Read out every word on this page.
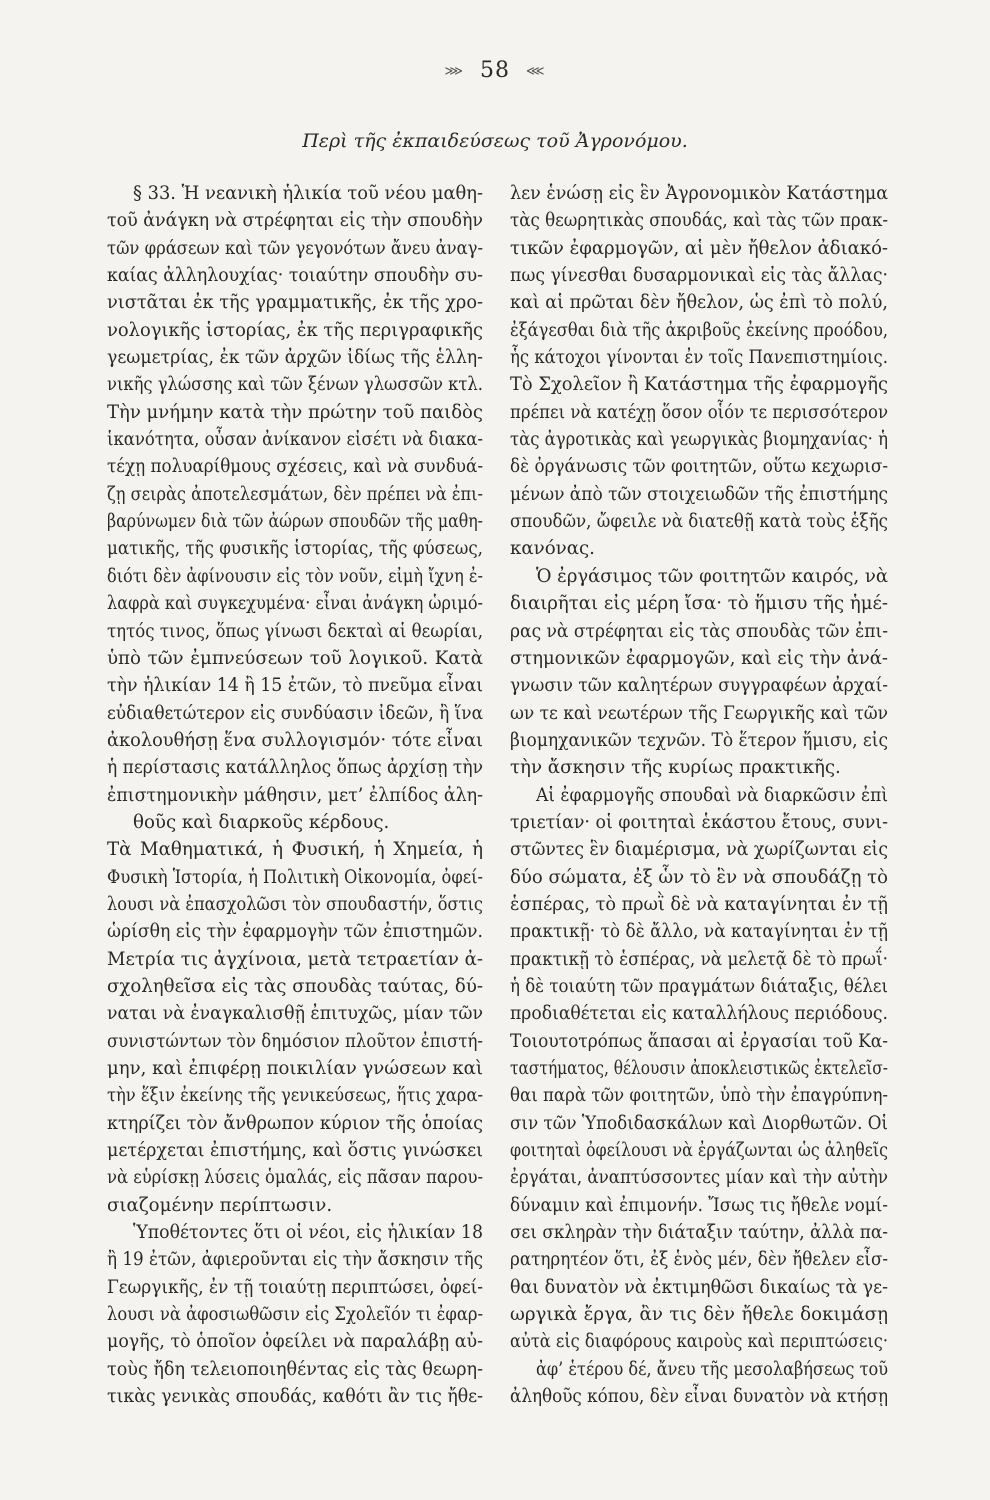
⋙ 58 ⋘
Περὶ τῆς ἐκπαιδεύσεως τοῦ Ἀγρονόμου.
§ 33. Ἡ νεανικὴ ἡλικία τοῦ νέου μαθη-
τοῦ ἀνάγκη νὰ στρέφηται εἰς τὴν σπουδὴν
τῶν φράσεων καὶ τῶν γεγονότων ἄνευ ἀναγ-
καίας ἀλληλουχίας· τοιαύτην σπουδὴν συ-
νιστᾶται ἐκ τῆς γραμματικῆς, ἐκ τῆς χρο-
νολογικῆς ἱστορίας, ἐκ τῆς περιγραφικῆς
γεωμετρίας, ἐκ τῶν ἀρχῶν ἰδίως τῆς ἑλλη-
νικῆς γλώσσης καὶ τῶν ξένων γλωσσῶν κτλ.
Τὴν μνήμην κατὰ τὴν πρώτην τοῦ παιδὸς
ἱκανότητα, οὖσαν ἀνίκανον εἰσέτι νὰ διακα-
τέχῃ πολυαρίθμους σχέσεις, καὶ νὰ συνδυά-
ζῃ σειρὰς ἀποτελεσμάτων, δὲν πρέπει νὰ ἐπι-
βαρύνωμεν διὰ τῶν ἀώρων σπουδῶν τῆς μαθη-
ματικῆς, τῆς φυσικῆς ἱστορίας, τῆς φύσεως,
διότι δὲν ἀφίνουσιν εἰς τὸν νοῦν, εἰμὴ ἴχνη ἐ-
λαφρὰ καὶ συγκεχυμένα· εἶναι ἀνάγκη ὡριμό-
τητός τινος, ὅπως γίνωσι δεκταὶ αἱ θεωρίαι,
ὑπὸ τῶν ἐμπνεύσεων τοῦ λογικοῦ. Κατὰ
τὴν ἡλικίαν 14 ἢ 15 ἐτῶν, τὸ πνεῦμα εἶναι
εὐδιαθετώτερον εἰς συνδύασιν ἰδεῶν, ἢ ἵνα
ἀκολουθήσῃ ἕνα συλλογισμόν· τότε εἶναι
ἡ περίστασις κατάλληλος ὅπως ἀρχίσῃ τὴν
ἐπιστημονικὴν μάθησιν, μετ’ ἐλπίδος ἀλη-
θοῦς καὶ διαρκοῦς κέρδους.
Τὰ Μαθηματικά, ἡ Φυσική, ἡ Χημεία, ἡ
Φυσικὴ Ἱστορία, ἡ Πολιτικὴ Οἰκονομία, ὀφεί-
λουσι νὰ ἐπασχολῶσι τὸν σπουδαστήν, ὅστις
ὡρίσθη εἰς τὴν ἐφαρμογὴν τῶν ἐπιστημῶν.
Μετρία τις ἀγχίνοια, μετὰ τετραετίαν ἀ-
σχοληθεῖσα εἰς τὰς σπουδὰς ταύτας, δύ-
ναται νὰ ἐναγκαλισθῇ ἐπιτυχῶς, μίαν τῶν
συνιστώντων τὸν δημόσιον πλοῦτον ἐπιστή-
μην, καὶ ἐπιφέρῃ ποικιλίαν γνώσεων καὶ
τὴν ἕξιν ἐκείνης τῆς γενικεύσεως, ἥτις χαρα-
κτηρίζει τὸν ἄνθρωπον κύριον τῆς ὁποίας
μετέρχεται ἐπιστήμης, καὶ ὅστις γινώσκει
νὰ εὑρίσκῃ λύσεις ὁμαλάς, εἰς πᾶσαν παρου-
σιαζομένην περίπτωσιν.
Ὑποθέτοντες ὅτι οἱ νέοι, εἰς ἡλικίαν 18
ἢ 19 ἐτῶν, ἀφιεροῦνται εἰς τὴν ἄσκησιν τῆς
Γεωργικῆς, ἐν τῇ τοιαύτῃ περιπτώσει, ὀφεί-
λουσι νὰ ἀφοσιωθῶσιν εἰς Σχολεῖόν τι ἐφαρ-
μογῆς, τὸ ὁποῖον ὀφείλει νὰ παραλάβῃ αὐ-
τοὺς ἤδη τελειοποιηθέντας εἰς τὰς θεωρη-
τικὰς γενικὰς σπουδάς, καθότι ἂν τις ἤθε-
λεν ἑνώσῃ εἰς ἓν Ἀγρονομικὸν Κατάστημα
τὰς θεωρητικὰς σπουδάς, καὶ τὰς τῶν πρακ-
τικῶν ἐφαρμογῶν, αἱ μὲν ἤθελον ἀδιακό-
πως γίνεσθαι δυσαρμονικαὶ εἰς τὰς ἄλλας·
καὶ αἱ πρῶται δὲν ἤθελον, ὡς ἐπὶ τὸ πολύ,
ἐξάγεσθαι διὰ τῆς ἀκριβοῦς ἐκείνης προόδου,
ἧς κάτοχοι γίνονται ἐν τοῖς Πανεπιστημίοις.
Τὸ Σχολεῖον ἢ Κατάστημα τῆς ἐφαρμογῆς
πρέπει νὰ κατέχῃ ὅσον οἷόν τε περισσότερον
τὰς ἀγροτικὰς καὶ γεωργικὰς βιομηχανίας· ἡ
δὲ ὀργάνωσις τῶν φοιτητῶν, οὕτω κεχωρισ-
μένων ἀπὸ τῶν στοιχειωδῶν τῆς ἐπιστήμης
σπουδῶν, ὤφειλε νὰ διατεθῇ κατὰ τοὺς ἑξῆς
κανόνας.
Ὁ ἐργάσιμος τῶν φοιτητῶν καιρός, νὰ
διαιρῆται εἰς μέρη ἴσα· τὸ ἥμισυ τῆς ἡμέ-
ρας νὰ στρέφηται εἰς τὰς σπουδὰς τῶν ἐπι-
στημονικῶν ἐφαρμογῶν, καὶ εἰς τὴν ἀνά-
γνωσιν τῶν καλητέρων συγγραφέων ἀρχαί-
ων τε καὶ νεωτέρων τῆς Γεωργικῆς καὶ τῶν
βιομηχανικῶν τεχνῶν. Τὸ ἕτερον ἥμισυ, εἰς
τὴν ἄσκησιν τῆς κυρίως πρακτικῆς.
Αἱ ἐφαρμογῆς σπουδαὶ νὰ διαρκῶσιν ἐπὶ
τριετίαν· οἱ φοιτηταὶ ἑκάστου ἔτους, συνι-
στῶντες ἓν διαμέρισμα, νὰ χωρίζωνται εἰς
δύο σώματα, ἐξ ὧν τὸ ἓν νὰ σπουδάζῃ τὸ
ἑσπέρας, τὸ πρωῒ δὲ νὰ καταγίνηται ἐν τῇ
πρακτικῇ· τὸ δὲ ἄλλο, νὰ καταγίνηται ἐν τῇ
πρακτικῇ τὸ ἑσπέρας, νὰ μελετᾷ δὲ τὸ πρωΐ·
ἡ δὲ τοιαύτη τῶν πραγμάτων διάταξις, θέλει
προδιαθέτεται εἰς καταλλήλους περιόδους.
Τοιουτοτρόπως ἅπασαι αἱ ἐργασίαι τοῦ Κα-
ταστήματος, θέλουσιν ἀποκλειστικῶς ἐκτελεῖσ-
θαι παρὰ τῶν φοιτητῶν, ὑπὸ τὴν ἐπαγρύπνη-
σιν τῶν Ὑποδιδασκάλων καὶ Διορθωτῶν. Οἱ
φοιτηταὶ ὀφείλουσι νὰ ἐργάζωνται ὡς ἀληθεῖς
ἐργάται, ἀναπτύσσοντες μίαν καὶ τὴν αὐτὴν
δύναμιν καὶ ἐπιμονήν. Ἴσως τις ἤθελε νομί-
σει σκληρὰν τὴν διάταξιν ταύτην, ἀλλὰ πα-
ρατηρητέον ὅτι, ἐξ ἑνὸς μέν, δὲν ἤθελεν εἶσ-
θαι δυνατὸν νὰ ἐκτιμηθῶσι δικαίως τὰ γε-
ωργικὰ ἔργα, ἂν τις δὲν ἤθελε δοκιμάσῃ
αὐτὰ εἰς διαφόρους καιροὺς καὶ περιπτώσεις·
ἀφ’ ἑτέρου δέ, ἄνευ τῆς μεσολαβήσεως τοῦ
ἀληθοῦς κόπου, δὲν εἶναι δυνατὸν νὰ κτήσῃ
